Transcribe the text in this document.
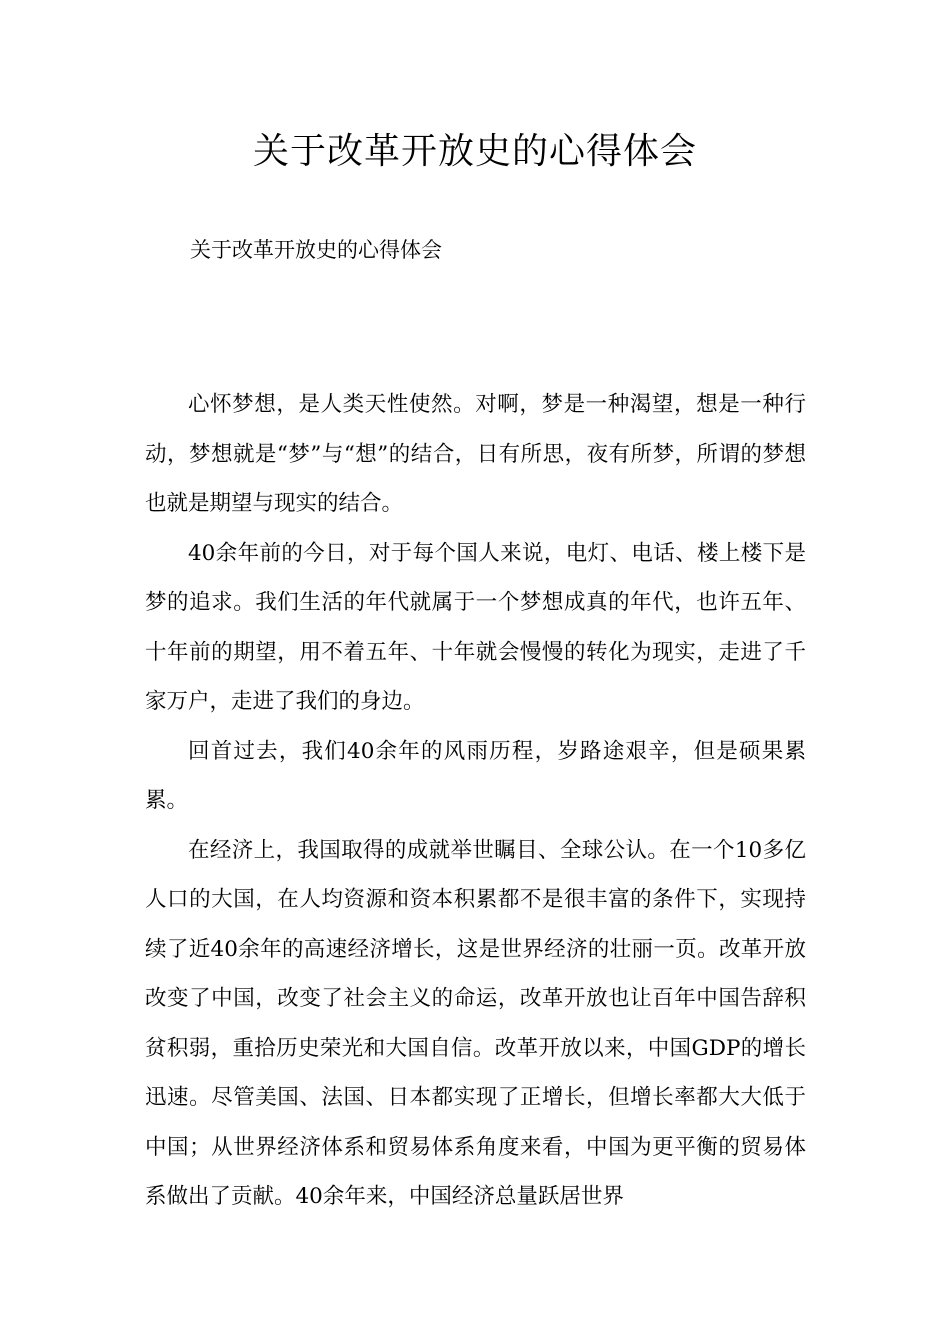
关于改革开放史的心得体会

关于改革开放史的心得体会

心怀梦想，是人类天性使然。对啊，梦是一种渴望，想是一种行动，梦想就是“梦”与“想”的结合，日有所思，夜有所梦，所谓的梦想也就是期望与现实的结合。

40余年前的今日，对于每个国人来说，电灯、电话、楼上楼下是梦的追求。我们生活的年代就属于一个梦想成真的年代，也许五年、十年前的期望，用不着五年、十年就会慢慢的转化为现实，走进了千家万户，走进了我们的身边。

回首过去，我们40余年的风雨历程，岁路途艰辛，但是硕果累累。

在经济上，我国取得的成就举世瞩目、全球公认。在一个10多亿人口的大国，在人均资源和资本积累都不是很丰富的条件下，实现持续了近40余年的高速经济增长，这是世界经济的壮丽一页。改革开放改变了中国，改变了社会主义的命运，改革开放也让百年中国告辞积贫积弱，重拾历史荣光和大国自信。改革开放以来，中国GDP的增长迅速。尽管美国、法国、日本都实现了正增长，但增长率都大大低于中国；从世界经济体系和贸易体系角度来看，中国为更平衡的贸易体系做出了贡献。40余年来，中国经济总量跃居世界
